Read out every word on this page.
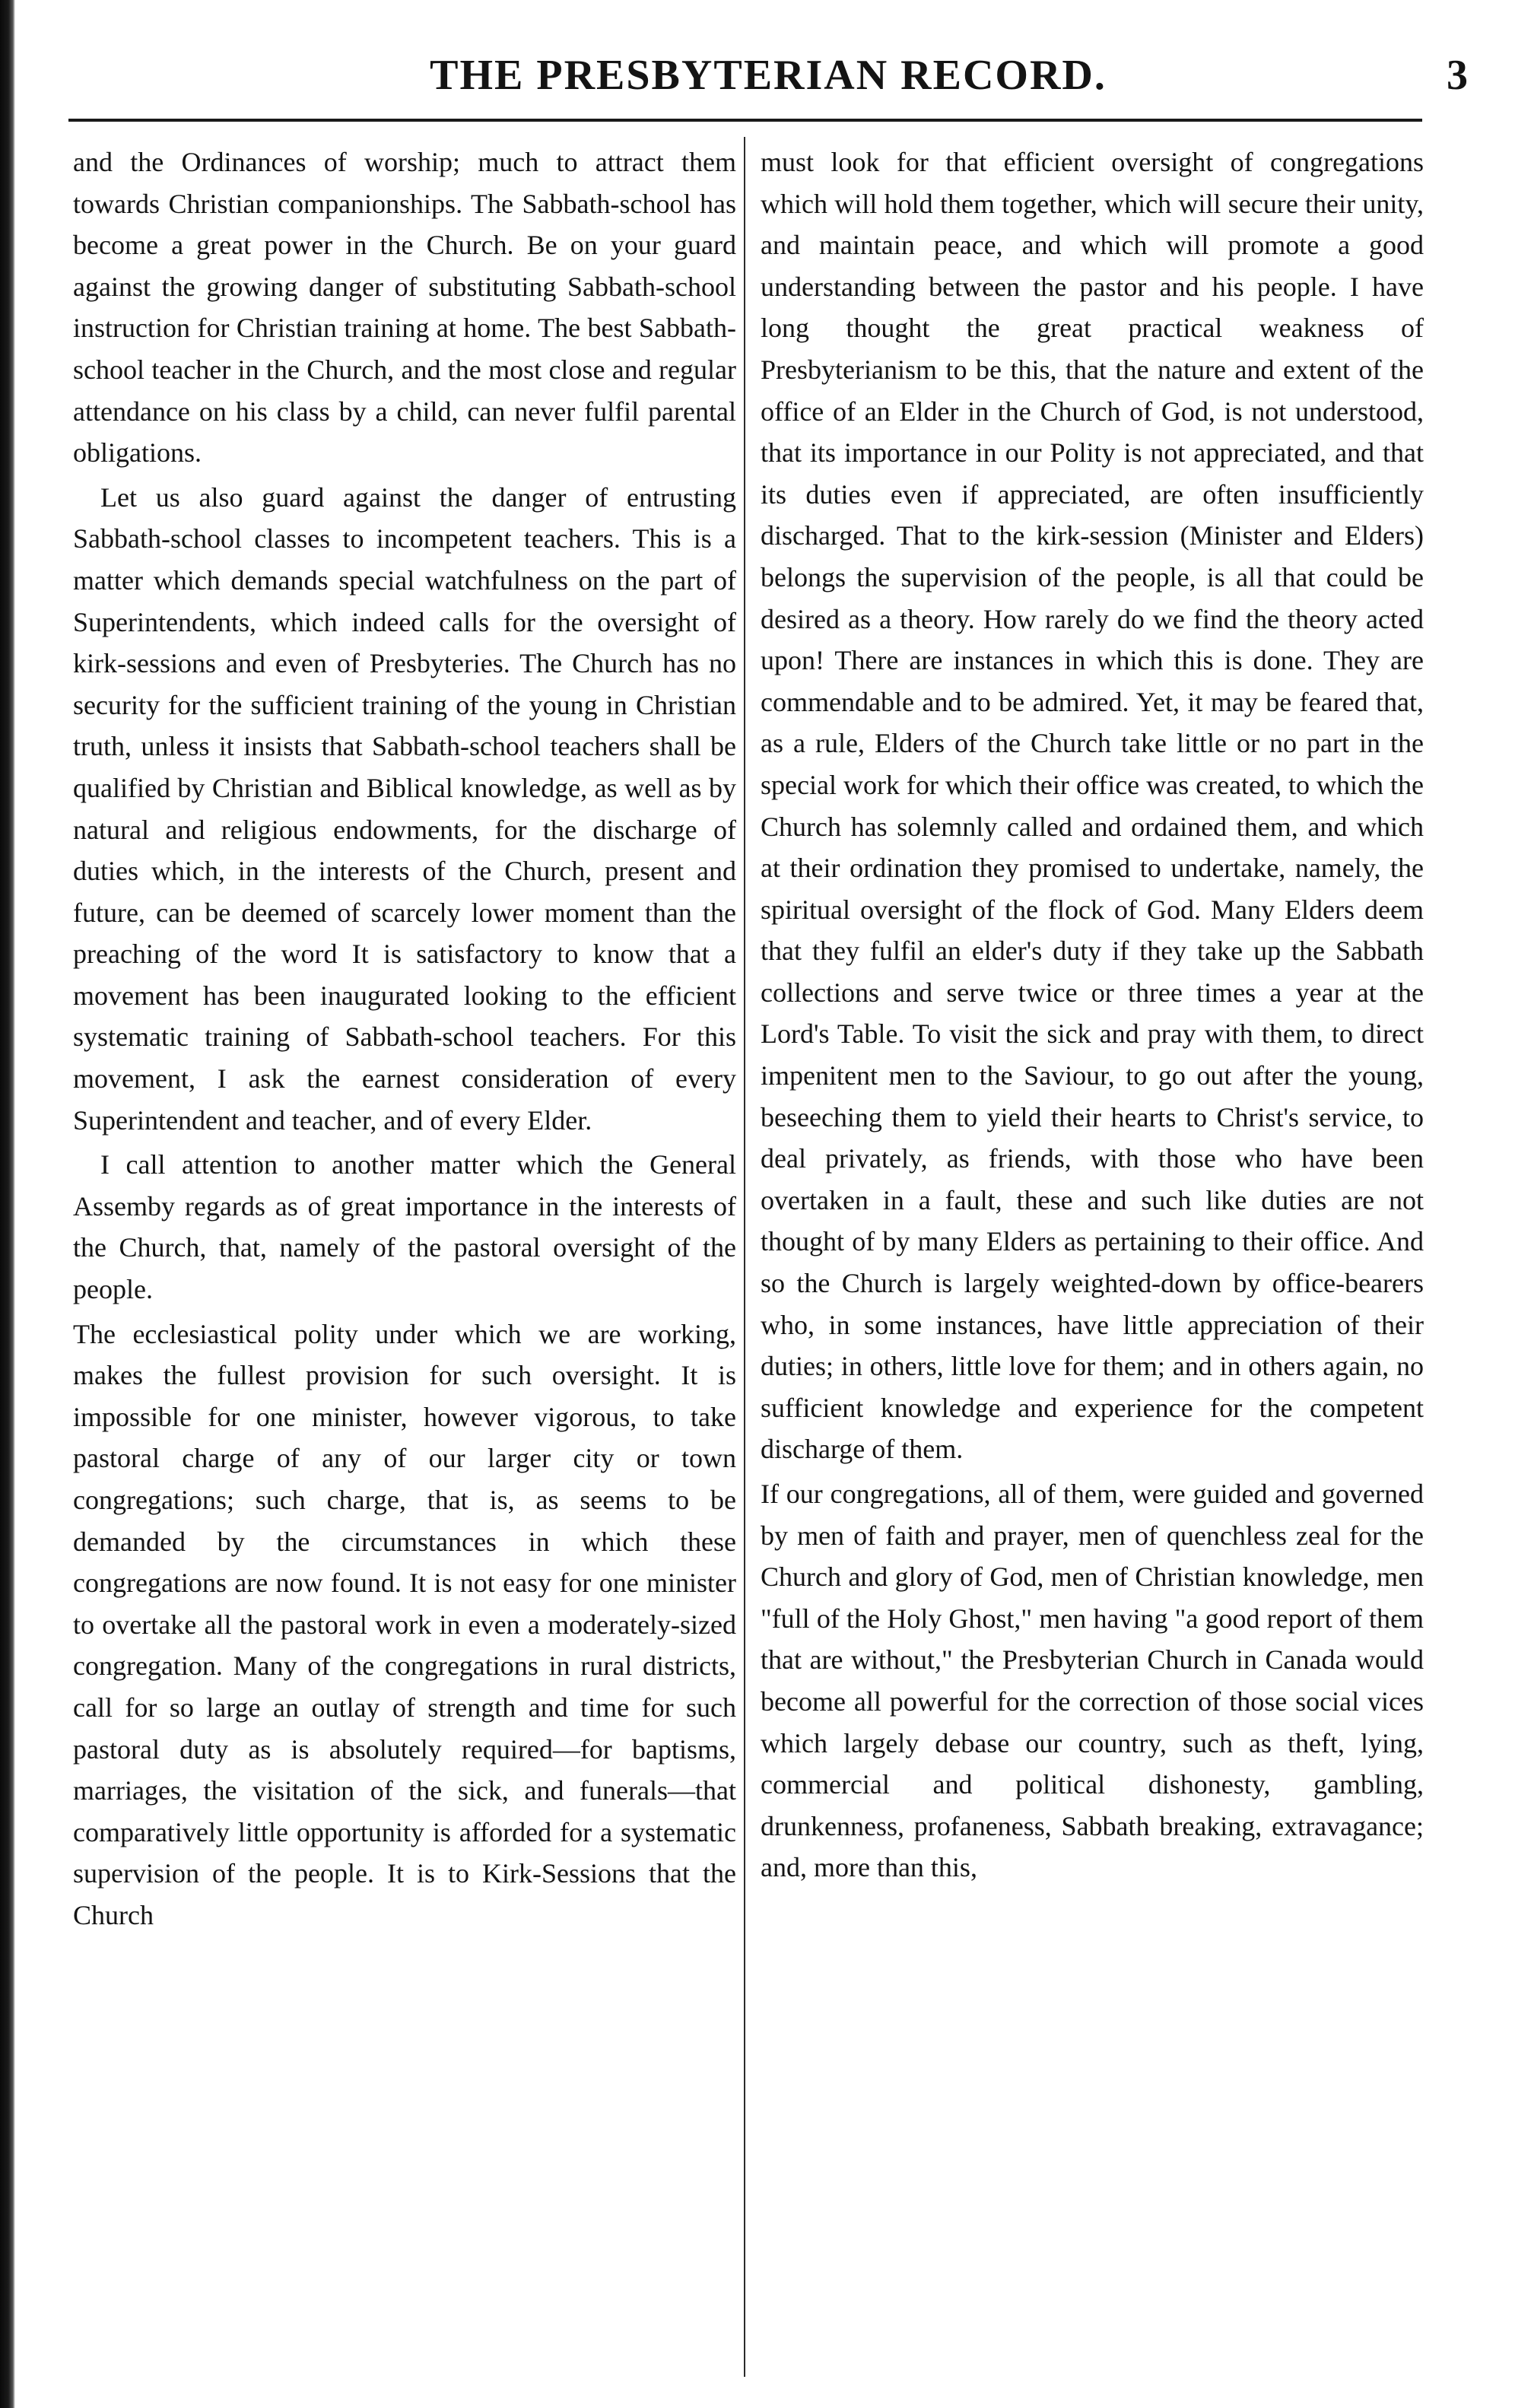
THE PRESBYTERIAN RECORD.	3

and the Ordinances of worship; much to attract them towards Christian companionships. The Sabbath-school has become a great power in the Church. Be on your guard against the growing danger of substituting Sabbath-school instruction for Christian training at home. The best Sabbath-school teacher in the Church, and the most close and regular attendance on his class by a child, can never fulfil parental obligations.

Let us also guard against the danger of entrusting Sabbath-school classes to incompetent teachers. This is a matter which demands special watchfulness on the part of Superintendents, which indeed calls for the oversight of kirk-sessions and even of Presbyteries. The Church has no security for the sufficient training of the young in Christian truth, unless it insists that Sabbath-school teachers shall be qualified by Christian and Biblical knowledge, as well as by natural and religious endowments, for the discharge of duties which, in the interests of the Church, present and future, can be deemed of scarcely lower moment than the preaching of the word It is satisfactory to know that a movement has been inaugurated looking to the efficient systematic training of Sabbath-school teachers. For this movement, I ask the earnest consideration of every Superintendent and teacher, and of every Elder.

I call attention to another matter which the General Assemby regards as of great importance in the interests of the Church, that, namely of the pastoral oversight of the people.

The ecclesiastical polity under which we are working, makes the fullest provision for such oversight. It is impossible for one minister, however vigorous, to take pastoral charge of any of our larger city or town congregations; such charge, that is, as seems to be demanded by the circumstances in which these congregations are now found. It is not easy for one minister to overtake all the pastoral work in even a moderately-sized congregation. Many of the congregations in rural districts, call for so large an outlay of strength and time for such pastoral duty as is absolutely required—for baptisms, marriages, the visitation of the sick, and funerals—that comparatively little opportunity is afforded for a systematic supervision of the people. It is to Kirk-Sessions that the Church

must look for that efficient oversight of congregations which will hold them together, which will secure their unity, and maintain peace, and which will promote a good understanding between the pastor and his people. I have long thought the great practical weakness of Presbyterianism to be this, that the nature and extent of the office of an Elder in the Church of God, is not understood, that its importance in our Polity is not appreciated, and that its duties even if appreciated, are often insufficiently discharged. That to the kirk-session (Minister and Elders) belongs the supervision of the people, is all that could be desired as a theory. How rarely do we find the theory acted upon! There are instances in which this is done. They are commendable and to be admired. Yet, it may be feared that, as a rule, Elders of the Church take little or no part in the special work for which their office was created, to which the Church has solemnly called and ordained them, and which at their ordination they promised to undertake, namely, the spiritual oversight of the flock of God. Many Elders deem that they fulfil an elder's duty if they take up the Sabbath collections and serve twice or three times a year at the Lord's Table. To visit the sick and pray with them, to direct impenitent men to the Saviour, to go out after the young, beseeching them to yield their hearts to Christ's service, to deal privately, as friends, with those who have been overtaken in a fault, these and such like duties are not thought of by many Elders as pertaining to their office. And so the Church is largely weighted-down by office-bearers who, in some instances, have little appreciation of their duties; in others, little love for them; and in others again, no sufficient knowledge and experience for the competent discharge of them.

If our congregations, all of them, were guided and governed by men of faith and prayer, men of quenchless zeal for the Church and glory of God, men of Christian knowledge, men "full of the Holy Ghost," men having "a good report of them that are without," the Presbyterian Church in Canada would become all powerful for the correction of those social vices which largely debase our country, such as theft, lying, commercial and political dishonesty, gambling, drunkenness, profaneness, Sabbath breaking, extravagance; and, more than this,
